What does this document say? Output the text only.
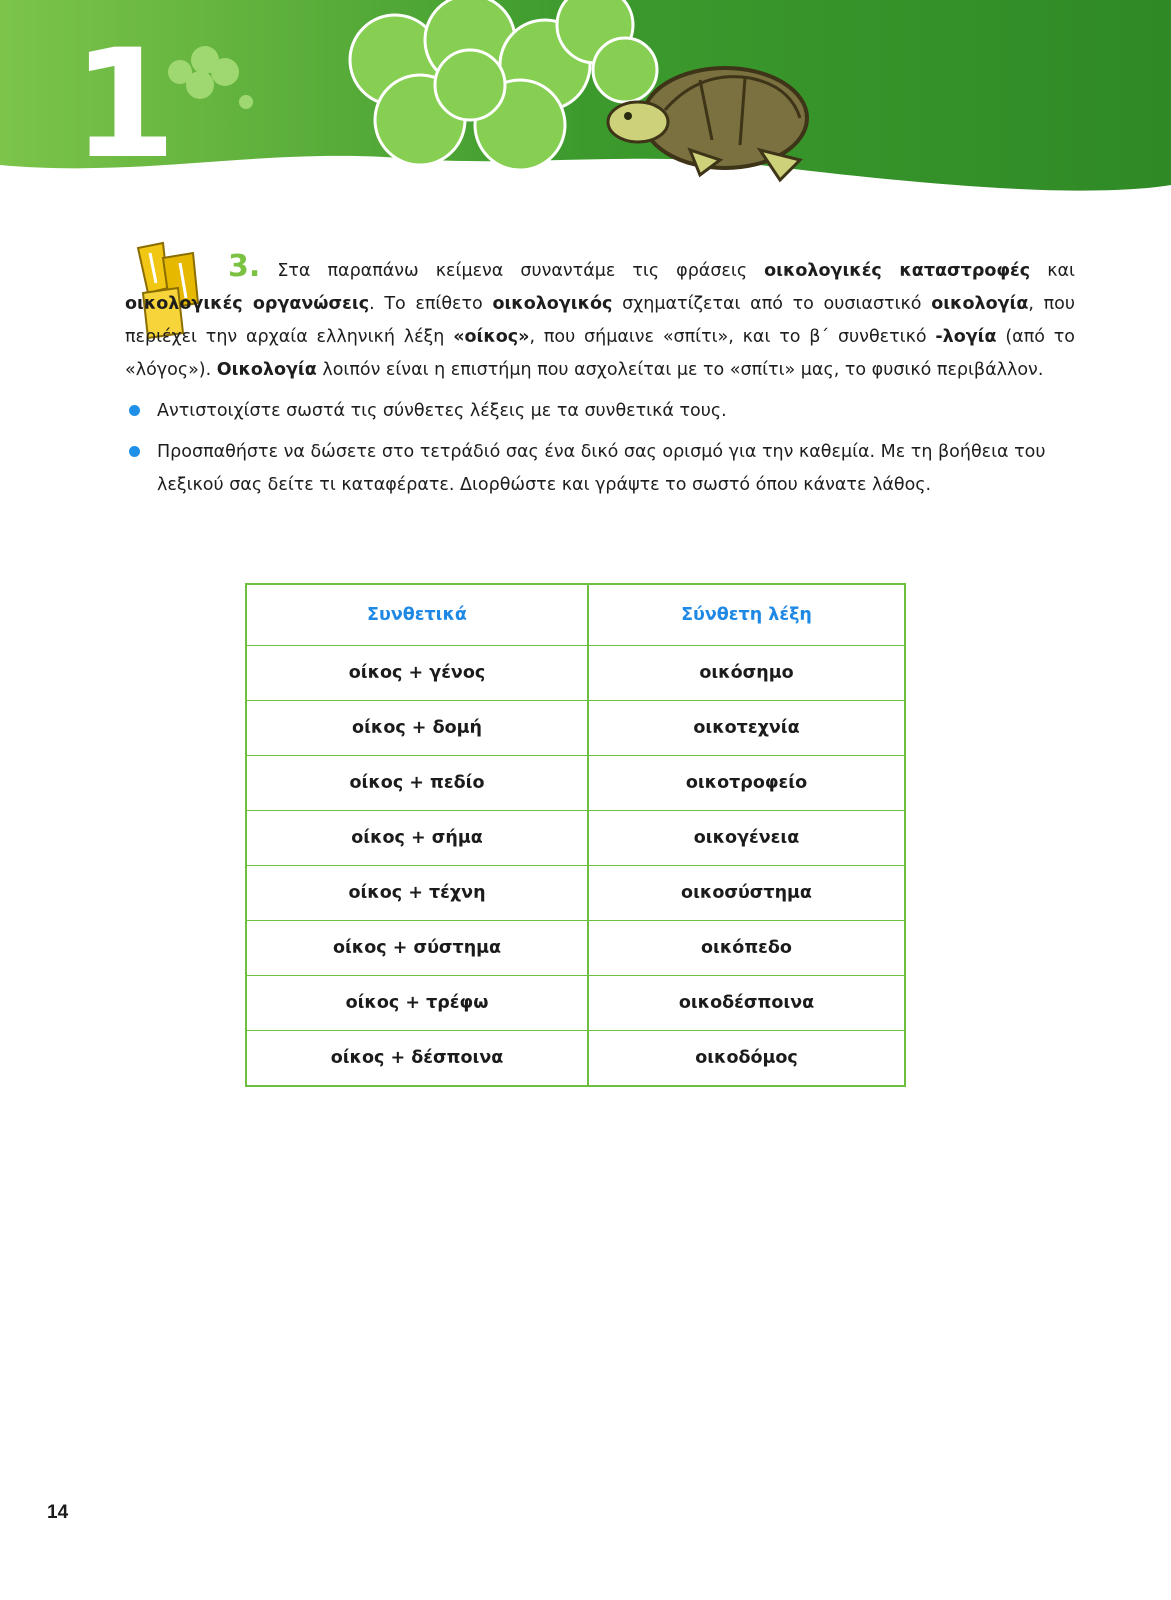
1
3. Στα παραπάνω κείμενα συναντάμε τις φράσεις οικολογικές καταστροφές και οικολογικές οργανώσεις. Το επίθετο οικολογικός σχηματίζεται από το ουσιαστικό οικολογία, που περιέχει την αρχαία ελληνική λέξη «οίκος», που σήμαινε «σπίτι», και το β΄ συνθετικό -λογία (από το «λόγος»). Οικολογία λοιπόν είναι η επιστήμη που ασχολείται με το «σπίτι» μας, το φυσικό περιβάλλον.
Αντιστοιχίστε σωστά τις σύνθετες λέξεις με τα συνθετικά τους.
Προσπαθήστε να δώσετε στο τετράδιό σας ένα δικό σας ορισμό για την καθεμία. Με τη βοήθεια του λεξικού σας δείτε τι καταφέρατε. Διορθώστε και γράψτε το σωστό όπου κάνατε λάθος.
Συνθετικά	Σύνθετη λέξη
οίκος + γένος	οικόσημο
οίκος + δομή	οικοτεχνία
οίκος + πεδίο	οικοτροφείο
οίκος + σήμα	οικογένεια
οίκος + τέχνη	οικοσύστημα
οίκος + σύστημα	οικόπεδο
οίκος + τρέφω	οικοδέσποινα
οίκος + δέσποινα	οικοδόμος
14
